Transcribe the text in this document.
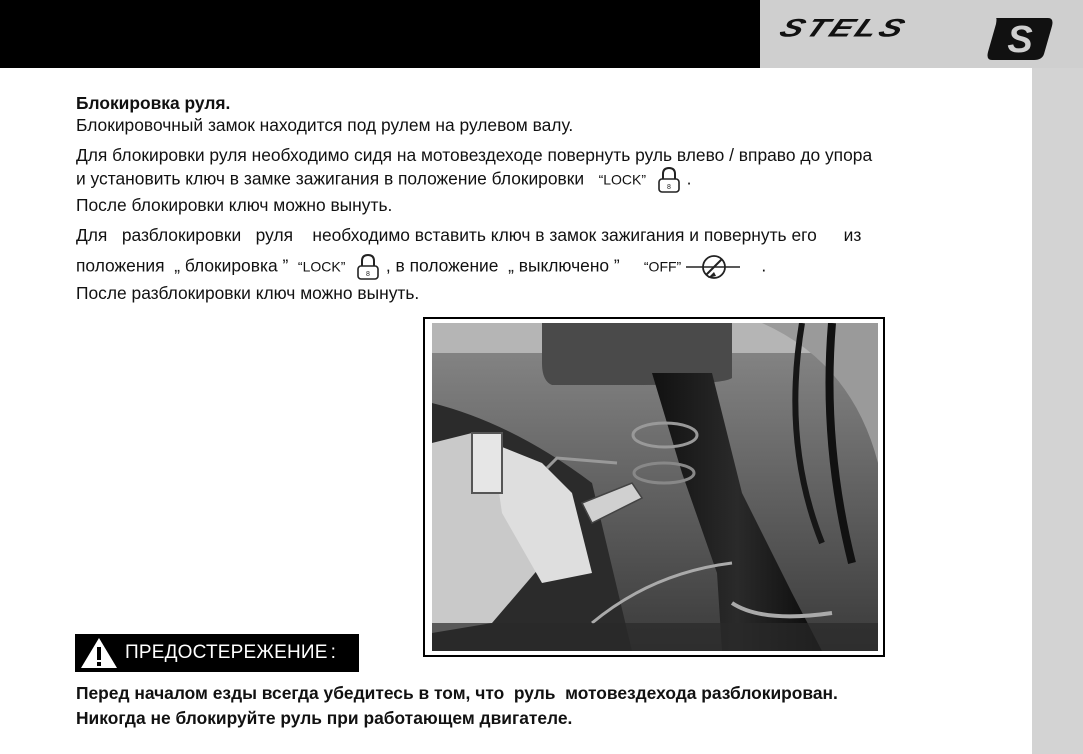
STELS S

Блокировка руля.

Блокировочный замок находится под рулем на рулевом валу.

Для блокировки руля необходимо сидя на мотовездеходе повернуть руль влево / вправо до упора

и установить ключ в замке зажигания в положение блокировки “LOCK”	8 .

После блокировки ключ можно вынуть.

Для   разблокировки   руля    необходимо вставить ключ в замок зажигания и повернуть его из

положения  „ блокировка ” “LOCK”	8 , в положение  „ выключено ” “OFF”	.

После разблокировки ключ можно вынуть.

ПРЕДОСТЕРЕЖЕНИЕ :
Перед началом езды всегда убедитесь в том, что  руль  мотовездехода разблокирован.
Никогда не блокируйте руль при работающем двигателе.
